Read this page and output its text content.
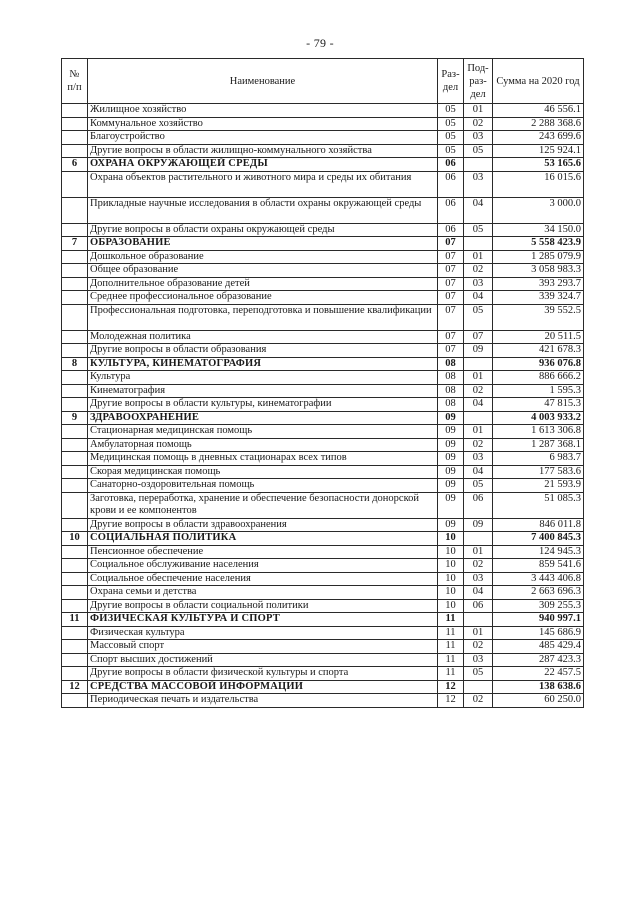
- 79 -
№ п/п	Наименование	Раз-дел	Под-раз-дел	Сумма на 2020 год
	Жилищное хозяйство	05	01	46 556.1
	Коммунальное хозяйство	05	02	2 288 368.6
	Благоустройство	05	03	243 699.6
	Другие вопросы в области жилищно-коммунального хозяйства	05	05	125 924.1
6	ОХРАНА ОКРУЖАЮЩЕЙ СРЕДЫ	06		53 165.6
	Охрана объектов растительного и животного мира и среды их обитания	06	03	16 015.6
	Прикладные научные исследования в области охраны окружающей среды	06	04	3 000.0
	Другие вопросы в области охраны окружающей среды	06	05	34 150.0
7	ОБРАЗОВАНИЕ	07		5 558 423.9
	Дошкольное образование	07	01	1 285 079.9
	Общее образование	07	02	3 058 983.3
	Дополнительное образование детей	07	03	393 293.7
	Среднее профессиональное образование	07	04	339 324.7
	Профессиональная подготовка, переподготовка и повышение квалификации	07	05	39 552.5
	Молодежная политика	07	07	20 511.5
	Другие вопросы в области образования	07	09	421 678.3
8	КУЛЬТУРА, КИНЕМАТОГРАФИЯ	08		936 076.8
	Культура	08	01	886 666.2
	Кинематография	08	02	1 595.3
	Другие вопросы в области культуры, кинематографии	08	04	47 815.3
9	ЗДРАВООХРАНЕНИЕ	09		4 003 933.2
	Стационарная медицинская помощь	09	01	1 613 306.8
	Амбулаторная помощь	09	02	1 287 368.1
	Медицинская помощь в дневных стационарах всех типов	09	03	6 983.7
	Скорая медицинская помощь	09	04	177 583.6
	Санаторно-оздоровительная помощь	09	05	21 593.9
	Заготовка, переработка, хранение и обеспечение безопасности донорской крови и ее компонентов	09	06	51 085.3
	Другие вопросы в области здравоохранения	09	09	846 011.8
10	СОЦИАЛЬНАЯ ПОЛИТИКА	10		7 400 845.3
	Пенсионное обеспечение	10	01	124 945.3
	Социальное обслуживание населения	10	02	859 541.6
	Социальное обеспечение населения	10	03	3 443 406.8
	Охрана семьи и детства	10	04	2 663 696.3
	Другие вопросы в области социальной политики	10	06	309 255.3
11	ФИЗИЧЕСКАЯ КУЛЬТУРА И СПОРТ	11		940 997.1
	Физическая культура	11	01	145 686.9
	Массовый спорт	11	02	485 429.4
	Спорт высших достижений	11	03	287 423.3
	Другие вопросы в области физической культуры и спорта	11	05	22 457.5
12	СРЕДСТВА МАССОВОЙ ИНФОРМАЦИИ	12		138 638.6
	Периодическая печать и издательства	12	02	60 250.0
